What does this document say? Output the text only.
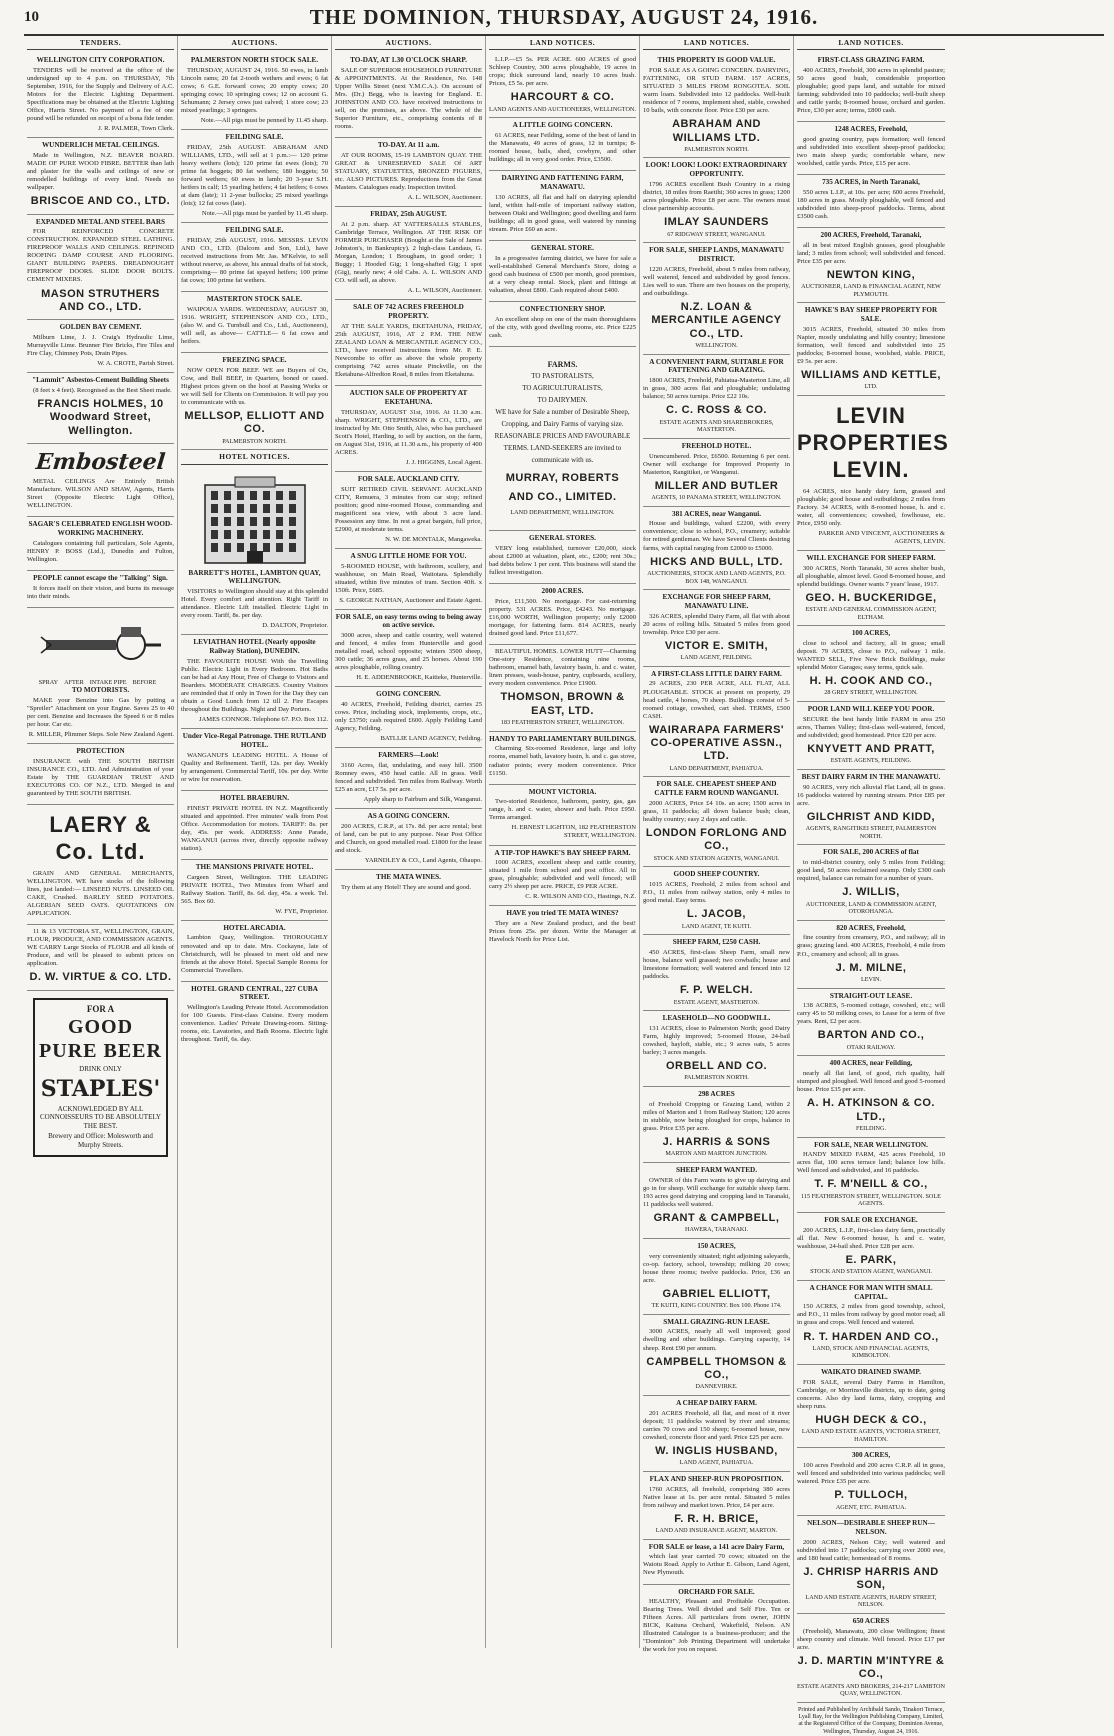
10	THE DOMINION, THURSDAY, AUGUST 24, 1916.
TENDERS.
WELLINGTON CITY CORPORATION.

TENDERS will be received at the office of the undersigned up to 4 p.m. on THURSDAY, 7th September, 1916, for the Supply and Delivery of A.C. Motors for the Electric Lighting Department. Specifications may be obtained at the Electric Lighting Office, Harris Street. No payment of a fee of one pound will be refunded on receipt of a bona fide tender.

J. R. PALMER, Town Clerk.
WUNDERLICH METAL CEILINGS.

Made in Wellington, N.Z. BEAVER BOARD. MADE OF PURE WOOD FIBRE. BETTER than lath and plaster for the walls and ceilings of new or remodelled buildings of every kind. Needs no wallpaper.

BRISCOE AND CO., LTD.
EXPANDED METAL AND STEEL BARS

FOR REINFORCED CONCRETE CONSTRUCTION. EXPANDED STEEL LATHING. FIREPROOF WALLS AND CEILINGS. REFINOID ROOFING DAMP COURSE AND FLOORING. GIANT BUILDING PAPERS. DREADNOUGHT FIREPROOF DOORS. SLIDE DOOR BOLTS. CEMENT MIXERS.

MASON STRUTHERS AND CO., LTD.
GOLDEN BAY CEMENT.

Milburn Lime, J. J. Craig's Hydraulic Lime, Murrayville Lime. Brunner Fire Bricks, Fire Tiles and Fire Clay, Chimney Pots, Drain Pipes.

W. A. CROTE, Parish Street.
"Lammit" Asbestos-Cement Building Sheets

(8 feet x 4 feet). Recognised as the Best Sheet made.

FRANCIS HOLMES, 10 Woodward Street, Wellington.
Embosteel

METAL CEILINGS Are Entirely British Manufacture. WILSON AND SHAW, Agents, Harris Street (Opposite Electric Light Office), WELLINGTON.

SAGAR'S CELEBRATED ENGLISH WOOD-WORKING MACHINERY.

Catalogues containing full particulars, Sole Agents, HENRY P. BOSS (Ltd.), Dunedin and Fulton, Wellington.

PEOPLE cannot escape the "Talking" Sign.

It forces itself on their vision, and burns its message into their minds.

SPRAY AFTER INTAKE PIPE BEFORE
TO MOTORISTS.

MAKE your Benzine into Gas by putting a "Spreiler" Attachment on your Engine. Saves 25 to 40 per cent. Benzine and Increases the Speed 6 or 8 miles per hour. Car etc.

R. MILLER, Plimmer Steps. Sole New Zealand Agent.
PROTECTION

INSURANCE with THE SOUTH BRITISH INSURANCE CO., LTD. And Administration of your Estate by THE GUARDIAN TRUST AND EXECUTORS CO. OF N.Z., LTD. Merged in and guaranteed by THE SOUTH BRITISH.

LAERY & Co. Ltd.

GRAIN AND GENERAL MERCHANTS, WELLINGTON. WE have stocks of the following lines, just landed:— LINSEED NUTS. LINSEED OIL CAKE, Crushed. BARLEY SEED POTATOES. ALGERIAN SEED OATS. QUOTATIONS ON APPLICATION.

11 & 13 VICTORIA ST., WELLINGTON, GRAIN, FLOUR, PRODUCE, AND COMMISSION AGENTS. WE CARRY Large Stocks of FLOUR and all kinds of Produce, and will be pleased to submit prices on application.

D. W. VIRTUE & CO. LTD.
FOR A
GOOD PURE BEER
DRINK ONLY
STAPLES'
ACKNOWLEDGED BY ALL CONNOISSEURS TO BE ABSOLUTELY THE BEST.
Brewery and Office: Molesworth and Murphy Streets.
AUCTIONS.
PALMERSTON NORTH STOCK SALE.

THURSDAY, AUGUST 24, 1916. 50 ewes, in lamb Lincoln rams; 20 fat 2-tooth wethers and ewes; 6 fat cows; 6 G.E. forward cows; 20 empty cows; 20 springing cows; 10 springing cows; 12 on account G. Schumann; 2 Jersey cows just calved; 1 store cow; 23 mixed yearlings; 3 springers.

Note.—All pigs must be penned by 11.45 sharp.
FEILDING SALE.

FRIDAY, 25th AUGUST. ABRAHAM AND WILLIAMS, LTD., will sell at 1 p.m.:— 120 prime heavy wethers (lots); 120 prime fat ewes (lots); 70 prime fat hoggets; 80 fat wethers; 180 hoggets; 50 forward wethers; 60 ewes in lamb; 20 3-year S.H. heifers in calf; 15 yearling heifers; 4 fat heifers; 6 cows at dam (late); 11 2-year bullocks; 25 mixed yearlings (lots); 12 fat cows (late).

Note.—All pigs must be yarded by 11.45 sharp.
FEILDING SALE.

FRIDAY, 25th AUGUST, 1916. MESSRS. LEVIN AND CO., LTD. (Dalcom and Son, Ltd.), have received instructions from Mr. Jas. M'Kelvie, to sell without reserve, as above, his annual drafts of fat stock, comprising— 80 prime fat spayed heifers; 100 prime fat cows; 100 prime fat wethers.

MASTERTON STOCK SALE.

WAIPOUA YARDS. WEDNESDAY, AUGUST 30, 1916. WRIGHT, STEPHENSON AND CO., LTD., (also W. and G. Turnbull and Co., Ltd., Auctioneers), will sell, as above— CATTLE— 6 fat cows and heifers.

FREEZING SPACE.

NOW OPEN FOR BEEF. WE are Buyers of Ox, Cow, and Bull BEEF, in Quarters, boned or cased. Highest prices given on the hoof at Passing Works or we will Sell for Clients on Commission. It will pay you to communicate with us.

MELLSOP, ELLIOTT AND CO.
PALMERSTON NORTH.
HOTEL NOTICES.
BARRETT'S HOTEL, LAMBTON QUAY, WELLINGTON.

VISITORS to Wellington should stay at this splendid Hotel. Every comfort and attention. Right Tariff in attendance. Electric Lift installed. Electric Light in every room. Tariff, 8s. per day.

D. DALTON, Proprietor.
LEVIATHAN HOTEL (Nearly opposite Railway Station), DUNEDIN.

THE FAVOURITE HOUSE With the Travelling Public. Electric Light in Every Bedroom. Hot Baths can be had at Any Hour, Free of Charge to Visitors and Boarders. MODERATE CHARGES. Country Visitors are reminded that if only in Town for the Day they can obtain a Good Lunch from 12 till 2. Fire Escapes throughout the Buildings. Night and Day Porters.

JAMES CONNOR. Telephone 67. P.O. Box 112.
Under Vice-Regal Patronage. THE RUTLAND HOTEL.

WANGANUI'S LEADING HOTEL. A House of Quality and Refinement. Tariff, 12s. per day. Weekly by arrangement. Commercial Tariff, 10s. per day. Write or wire for reservation.

HOTEL BRAEBURN.

FINEST PRIVATE HOTEL IN N.Z. Magnificently situated and appointed. Five minutes' walk from Post Office. Accommodation for motors. TARIFF: 8s. per day, 45s. per week. ADDRESS: Anne Parade, WANGANUI (across river, directly opposite railway station).

THE MANSIONS PRIVATE HOTEL.

Cargeen Street, Wellington. THE LEADING PRIVATE HOTEL, Two Minutes from Wharf and Railway Station. Tariff, 8s. 6d. day, 45s. a week. Tel. 565. Box 60.

W. FYE, Proprietor.
HOTEL ARCADIA.

Lambton Quay, Wellington. THOROUGHLY renovated and up to date. Mrs. Cockayne, late of Christchurch, will be pleased to meet old and new friends at the above Hotel. Special Sample Rooms for Commercial Travellers.

HOTEL GRAND CENTRAL, 227 CUBA STREET.

Wellington's Leading Private Hotel. Accommodation for 100 Guests. First-class Cuisine. Every modern convenience. Ladies' Private Drawing-room. Sitting-rooms, etc. Lavatories, and Bath Rooms. Electric light throughout. Tariff, 6s. day.

AUCTIONS.
TO-DAY, AT 1.30 O'CLOCK SHARP.

SALE OF SUPERIOR HOUSEHOLD FURNITURE & APPOINTMENTS. At the Residence, No. 148 Upper Willis Street (next Y.M.C.A.). On account of Mrs. (Dr.) Begg, who is leaving for England. E. JOHNSTON AND CO. have received instructions to sell, on the premises, as above. The whole of the Superior Furniture, etc., comprising contents of 8 rooms.

TO-DAY. At 11 a.m.

AT OUR ROOMS, 15-19 LAMBTON QUAY. THE GREAT & UNRESERVED SALE Of ART STATUARY, STATUETTES, BRONZED FIGURES, etc. ALSO PICTURES. Reproductions from the Great Masters. Catalogues ready. Inspection invited.

A. L. WILSON, Auctioneer.
FRIDAY, 25th AUGUST.

At 2 p.m. sharp. AT YATTERSALLS STABLES, Cambridge Terrace, Wellington. AT THE RISK OF FORMER PURCHASER (Bought at the Sale of James Johnston's, in Bankruptcy). 2 high-class Landaus, G. Morgan, London; 1 Brougham, in good order; 1 Buggy; 1 Hooded Gig; 1 long-shafted Gig; 1 spot (Gig), nearly new; 4 old Cabs. A. L. WILSON AND CO. will sell, as above.

A. L. WILSON, Auctioneer.
SALE OF 742 ACRES FREEHOLD PROPERTY.

AT THE SALE YARDS, EKETAHUNA, FRIDAY, 25th AUGUST, 1916, AT 2 P.M. THE NEW ZEALAND LOAN & MERCANTILE AGENCY CO., LTD., have received instructions from Mr. P. E. Newcombe to offer as above the whole property comprising 742 acres situate Pinckville, on the Eketahuna-Alfredton Road, 8 miles from Eketahuna.

AUCTION SALE OF PROPERTY AT EKETAHUNA.

THURSDAY, AUGUST 31st, 1916. At 11.30 a.m. sharp. WRIGHT, STEPHENSON & CO., LTD., are instructed by Mr. Otto Smith, Also, who has purchased Scott's Hotel, Harding, to sell by auction, on the farm, on August 31st, 1916, at 11.30 a.m., his property of 400 ACRES.

J. J. HIGGINS, Local Agent.
FOR SALE. AUCKLAND CITY.

SUIT RETIRED CIVIL SERVANT. AUCKLAND CITY, Remuera, 3 minutes from car stop; refined position; good nine-roomed House, commanding and magnificent sea view, with about 3 acre land. Possession any time. In rest a great bargain, full price, £2900, at moderate terms.

N. W. DE MONTALK, Mangaweka.
A SNUG LITTLE HOME FOR YOU.

5-ROOMED HOUSE, with bathroom, scullery, and washhouse, on Main Road, Waitotara. Splendidly situated, within five minutes of tram. Section 40ft. x 150ft. Price, £685.

S. GEORGE NATHAN, Auctioneer and Estate Agent.
FOR SALE, on easy terms owing to being away on active service.

3000 acres, sheep and cattle country, well watered and fenced, 4 miles from Hunterville and good metalled road, school opposite; winters 3500 sheep, 300 cattle; 36 acres grass, and 25 horses. About 190 acres ploughable, rolling country.

H. E. ADDENBROOKE, Kaitieke, Hunterville.
GOING CONCERN.

40 ACRES, Freehold, Feilding district, carries 25 cows. Price, including stock, implements, crops, etc., only £3750; cash required £600. Apply Feilding Land Agency, Feilding.

BATLLIE LAND AGENCY, Feilding.
FARMERS—Look!

3160 Acres, flat, undulating, and easy hill. 3500 Romney ewes, 450 head cattle. All in grass. Well fenced and subdivided. Ten miles from Railway. Worth £25 an acre, £17 5s. per acre.

Apply sharp to Fairburn and Silk, Wanganui.
AS A GOING CONCERN.

200 ACRES, C.R.P., at 17s. 8d. per acre rental; best of land, can be put to any purpose. Near Post Office and Church, on good metalled road. £1800 for the lease and stock.

YARNDLEY & CO., Land Agents, Ohaupo.
THE MATA WINES.

Try them at any Hotel! They are sound and good.

LAND NOTICES.

L.I.P.—£5 5s. PER ACRE. 600 ACRES of good Schleep Country, 300 acres ploughable, 19 acres in crops; thick surround land, nearly 10 acres bush. Prices, £5 5s. per acre.

HARCOURT & CO.
LAND AGENTS AND AUCTIONEERS, WELLINGTON.
A LITTLE GOING CONCERN.

61 ACRES, near Feilding, some of the best of land in the Manawatu, 49 acres of grass, 12 in turnips; 8-roomed house, bails, shed, cowbyre, and other buildings; all in very good order. Price, £3500.

DAIRYING AND FATTENING FARM, MANAWATU.

130 ACRES, all flat and half on dairying splendid land, within half-mile of important railway station, between Otaki and Wellington; good dwelling and farm buildings; all in good grass, well watered by running stream. Price £60 an acre.

GENERAL STORE.

In a progressive farming district, we have for sale a well-established General Merchant's Store, doing a good cash business of £500 per month, good premises, at a very cheap rental. Stock, plant and fittings at valuation, about £800. Cash required about £400.

CONFECTIONERY SHOP.

An excellent shop on one of the main thoroughfares of the city, with good dwelling rooms, etc. Price £225 cash.

FARMS.
TO PASTORALISTS,
TO AGRICULTURALISTS,
TO DAIRYMEN.
WE have for Sale a number of Desirable Sheep, Cropping, and Dairy Farms of varying size. REASONABLE PRICES AND FAVOURABLE TERMS. LAND-SEEKERS are invited to communicate with us.
MURRAY, ROBERTS AND CO., LIMITED.
LAND DEPARTMENT, WELLINGTON.
GENERAL STORES.

VERY long established, turnover £20,000, stock about £2000 at valuation, plant, etc., £200; rent 30s.; bad debts below 1 per cent. This business will stand the fullest investigation.

2000 ACRES.

Price, £11,500. No mortgage. For cast-returning property. 531 ACRES. Price, £4243. No mortgage. £16,000 WORTH, Wellington property; only £2000 mortgage, for fattening farm. 814 ACRES, nearly drained good land. Price £11,677.

BEAUTIFUL HOMES. LOWER HUTT—Charming One-story Residence, containing nine rooms, bathroom, enamel bath, lavatory basin, h. and c. water, linen presses, wash-house, pantry, cupboards, scullery, every modern convenience. Price £1900.

THOMSON, BROWN & EAST, LTD.
183 FEATHERSTON STREET, WELLINGTON.
HANDY TO PARLIAMENTARY BUILDINGS.

Charming Six-roomed Residence, large and lofty rooms, enamel bath, lavatory basin, h. and c. gas stove, radiator points; every modern convenience. Price £1150.

MOUNT VICTORIA.

Two-storied Residence, bathroom, pantry, gas, gas range, h. and c. water, shower and bath. Price £950. Terms arranged.

H. ERNEST LIGHTON, 182 FEATHERSTON STREET, WELLINGTON.
A TIP-TOP HAWKE'S BAY SHEEP FARM.

1000 ACRES, excellent sheep and cattle country, situated 1 mile from school and post office. All in grass, ploughable; subdivided and well fenced; will carry 2½ sheep per acre. PRICE, £9 PER ACRE.

C. R. WILSON AND CO., Hastings, N.Z.
HAVE you tried TE MATA WINES?

They are a New Zealand product, and the best! Prices from 25s. per dozen. Write the Manager at Havelock North for Price List.

LAND NOTICES.
THIS PROPERTY IS GOOD VALUE.

FOR SALE AS A GOING CONCERN. DAIRYING, FATTENING, OR STUD FARM. 157 ACRES, SITUATED 3 MILES FROM RONGOTEA. SOIL warm loam. Subdivided into 12 paddocks. Well-built residence of 7 rooms, implement shed, stable, cowshed 10 bails, with concrete floor. Price £30 per acre.

ABRAHAM AND WILLIAMS LTD.
PALMERSTON NORTH.
LOOK! LOOK! LOOK! EXTRAORDINARY OPPORTUNITY.

1796 ACRES excellent Bush Country in a rising district, 18 miles from Raetihi; 360 acres in grass; 1200 acres ploughable. Price £8 per acre. The owners must close partnership accounts.

IMLAY SAUNDERS
67 RIDGWAY STREET, WANGANUI.
FOR SALE, SHEEP LANDS, MANAWATU DISTRICT.

1220 ACRES, Freehold, about 5 miles from railway, well watered, fenced and subdivided by good fences. Lies well to sun. There are two houses on the property, and outbuildings.

N.Z. LOAN & MERCANTILE AGENCY CO., LTD.
WELLINGTON.
A CONVENIENT FARM, SUITABLE FOR FATTENING AND GRAZING.

1800 ACRES, Freehold, Pahiatua-Masterton Line, all in grass, 300 acres flat and ploughable; undulating balance; 50 acres turnips. Price £22 10s.

C. C. ROSS & CO.
ESTATE AGENTS AND SHAREBROKERS, MASTERTON.
FREEHOLD HOTEL.

Unencumbered. Price, £6500. Returning 6 per cent. Owner will exchange for Improved Property in Masterton, Rangitikei, or Wanganui.

MILLER AND BUTLER
AGENTS, 10 PANAMA STREET, WELLINGTON.
381 ACRES, near Wanganui.

House and buildings, valued £2200, with every convenience; close to school, P.O., creamery; suitable for retired gentleman. We have Several Clients desiring farms, with capital ranging from £2000 to £5000.

HICKS AND BULL, LTD.
AUCTIONEERS, STOCK AND LAND AGENTS, P.O. BOX 148, WANGANUI.
EXCHANGE FOR SHEEP FARM, MANAWATU LINE.

326 ACRES, splendid Dairy Farm, all flat with about 20 acres of rolling hills. Situated 5 miles from good township. Price £30 per acre.

VICTOR E. SMITH,
LAND AGENT, FEILDING.
A FIRST-CLASS LITTLE DAIRY FARM.

29 ACRES, 230 PER ACRE, ALL FLAT, ALL PLOUGHABLE. STOCK at present on property, 29 head cattle, 4 horses, 70 sheep. Buildings consist of 5-roomed cottage, cowshed, cart shed. TERMS, £500 CASH.

WAIRARAPA FARMERS' CO-OPERATIVE ASSN., LTD.
LAND DEPARTMENT, PAHIATUA.
FOR SALE. CHEAPEST SHEEP AND CATTLE FARM ROUND WANGANUI.

2000 ACRES, Price £4 10s. an acre; 1500 acres in grass, 11 paddocks; all down balance bush; clean, healthy country; easy 2 days and cattle.

LONDON FORLONG AND CO.,
STOCK AND STATION AGENTS, WANGANUI.
GOOD SHEEP COUNTRY.

1015 ACRES, Freehold, 2 miles from school and P.O., 11 miles from railway station, only 4 miles to good metal. Easy terms.

L. JACOB,
LAND AGENT, TE KUITI.
SHEEP FARM, £250 CASH.

450 ACRES, first-class Sheep Farm, small new house, balance well grassed; two cowbails; house and limestone formation; well watered and fenced into 12 paddocks.

F. P. WELCH.
ESTATE AGENT, MASTERTON.
LEASEHOLD—NO GOODWILL.

131 ACRES, close to Palmerston North; good Dairy Farm, highly improved; 5-roomed House, 24-bail cowshed, hayloft, stable, etc.; 9 acres oats, 5 acres barley; 3 acres mangels.

ORBELL AND CO.
PALMERSTON NORTH.
298 ACRES

of Freehold Cropping or Grazing Land, within 2 miles of Marton and 1 from Railway Station; 120 acres in stubble, now being ploughed for crops, balance in grass. Price £35 per acre.

J. HARRIS & SONS
MARTON AND MARTON JUNCTION.
SHEEP FARM WANTED.

OWNER of this Farm wants to give up dairying and go in for sheep. Will exchange for suitable sheep farm. 193 acres good dairying and cropping land in Taranaki, 11 paddocks well watered.

GRANT & CAMPBELL,
HAWERA, TARANAKI.
150 ACRES,

very conveniently situated; right adjoining saleyards, co-op. factory, school, township; milking 20 cows; house three rooms; twelve paddocks. Price, £36 an acre.

GABRIEL ELLIOTT,
TE KUITI, KING COUNTRY. Box 100. Phone 174.
SMALL GRAZING-RUN LEASE.

3000 ACRES, nearly all well improved; good dwelling and other buildings. Carrying capacity, 14 sheep. Rent £90 per annum.

CAMPBELL THOMSON & CO.,
DANNEVIRKE.
A CHEAP DAIRY FARM.

201 ACRES Freehold, all flat, and most of it river deposit; 11 paddocks watered by river and streams; carries 70 cows and 150 sheep; 6-roomed house, new cowshed, concrete floor and yard. Price £25 per acre.

W. INGLIS HUSBAND,
LAND AGENT, PAHIATUA.
FLAX AND SHEEP-RUN PROPOSITION.

1760 ACRES, all freehold, comprising 380 acres Native lease at 1s. per acre rental. Situated 5 miles from railway and market town. Price, £4 per acre.

F. R. H. BRICE,
LAND AND INSURANCE AGENT, MARTON.
FOR SALE or lease, a 141 acre Dairy Farm,

which last year carried 70 cows; situated on the Waiotu Road. Apply to Arthur E. Gibson, Land Agent, New Plymouth.

ORCHARD FOR SALE.

HEALTHY, Pleasant and Profitable Occupation. Bearing Trees. Well divided and Self Fire. Ten or Fifteen Acres. All particulars from owner, JOHN BICK, Kaituna Orchard, Wakefield, Nelson. AN Illustrated Catalogue is a business-producer; and the "Dominion" Job Printing Department will undertake the work for you on request.

LAND NOTICES.
FIRST-CLASS GRAZING FARM.

400 ACRES, Freehold, 300 acres in splendid pasture; 50 acres good bush, considerable proportion ploughable; good paps land, and suitable for mixed farming; subdivided into 10 paddocks; well-built sheep and cattle yards; 8-roomed house, orchard and garden. Price, £30 per acre; terms, £800 cash.

1248 ACRES, Freehold,

good grazing country, paps formation; well fenced and subdivided into excellent sheep-proof paddocks; two main sheep yards; comfortable whare, new woolshed, cattle yards. Price, £15 per acre.

735 ACRES, in North Taranaki,

550 acres L.I.P., at 10s. per acre; 600 acres Freehold, 180 acres in grass. Mostly ploughable, well fenced and subdivided into sheep-proof paddocks. Terms, about £3500 cash.

200 ACRES, Freehold, Taranaki,

all in best mixed English grasses, good ploughable land; 3 miles from school; well subdivided and fenced. Price £35 per acre.

NEWTON KING,
AUCTIONEER, LAND & FINANCIAL AGENT, NEW PLYMOUTH.
HAWKE'S BAY SHEEP PROPERTY FOR SALE.

3015 ACRES, Freehold, situated 30 miles from Napier, mostly undulating and hilly country; limestone formation, well fenced and subdivided into 25 paddocks; 8-roomed house, woolshed, stable. PRICE, £9 5s. per acre.

WILLIAMS AND KETTLE,
LTD.
LEVIN PROPERTIES LEVIN.

64 ACRES, nice handy dairy farm, grassed and ploughable; good house and outbuildings; 2 miles from Factory. 34 ACRES, with 8-roomed house, h. and c. water, all conveniences; cowshed, fowlhouse, etc. Price, £950 only.

PARKER AND VINCENT, AUCTIONEERS & AGENTS, LEVIN.
WILL EXCHANGE FOR SHEEP FARM.

300 ACRES, North Taranaki, 30 acres shelter bush, all ploughable, almost level. Good 8-roomed house, and splendid buildings. Owner wants 7 years' lease, 1917.

GEO. H. BUCKERIDGE,
ESTATE AND GENERAL COMMISSION AGENT, ELTHAM.
100 ACRES,

close to school and factory, all in grass; small deposit. 79 ACRES, close to P.O., railway 1 mile. WANTED SELL, Five New Brick Buildings, make splendid Motor Garages; easy terms, quick sale.

H. H. COOK AND CO.,
28 GREY STREET, WELLINGTON.
POOR LAND WILL KEEP YOU POOR.

SECURE the best handy little FARM in area 250 acres, Thames Valley; first-class well-watered, fenced, and subdivided; good homestead. Price £20 per acre.

KNYVETT AND PRATT,
ESTATE AGENTS, FEILDING.
BEST DAIRY FARM IN THE MANAWATU.

90 ACRES, very rich alluvial Flat Land, all in grass. 16 paddocks watered by running stream. Price £85 per acre.

GILCHRIST AND KIDD,
AGENTS, RANGITIKEI STREET, PALMERSTON NORTH.
FOR SALE, 200 ACRES of flat

to mid-district country, only 5 miles from Feilding; good land, 50 acres reclaimed swamp. Only £300 cash required, balance can remain for a number of years.

J. WILLIS,
AUCTIONEER, LAND & COMMISSION AGENT, OTOROHANGA.
820 ACRES, Freehold,

fine country from creamery, P.O., and railway; all in grass; grazing land. 400 ACRES, Freehold, 4 mile from P.O., creamery and school; all in grass.

J. M. MILNE,
LEVIN.
STRAIGHT-OUT LEASE.

138 ACRES, 5-roomed cottage, cowshed, etc.; will carry 45 to 50 milking cows, to Lease for a term of five years. Rent, £2 per acre.

BARTON AND CO.,
OTAKI RAILWAY.
400 ACRES, near Feilding,

nearly all flat land, of good, rich quality, half stumped and ploughed. Well fenced and good 5-roomed house. Price £35 per acre.

A. H. ATKINSON & CO. LTD.,
FEILDING.
FOR SALE, NEAR WELLINGTON.

HANDY MIXED FARM, 425 acres Freehold, 10 acres flat, 100 acres terrace land; balance low hills. Well fenced and subdivided, and 16 paddocks.

T. F. M'NEILL & CO.,
115 FEATHERSTON STREET, WELLINGTON. SOLE AGENTS.
FOR SALE OR EXCHANGE.

200 ACRES, L.I.P., first-class dairy farm, practically all flat. New 6-roomed house, h. and c. water, washhouse, 24-bail shed. Price £28 per acre.

E. PARK,
STOCK AND STATION AGENT, WANGANUI.
A CHANCE FOR MAN WITH SMALL CAPITAL.

150 ACRES, 2 miles from good township, school, and P.O., 11 miles from railway by good motor road; all in grass and crops. Well fenced and watered.

R. T. HARDEN AND CO.,
LAND, STOCK AND FINANCIAL AGENTS, KIMBOLTON.
WAIKATO DRAINED SWAMP.

FOR SALE, several Dairy Farms in Hamilton, Cambridge, or Morrinsville districts, up to date, going concerns. Also dry land farms, dairy, cropping and sheep runs.

HUGH DECK & CO.,
LAND AND ESTATE AGENTS, VICTORIA STREET, HAMILTON.
300 ACRES,

100 acres Freehold and 200 acres C.R.P. all in grass, well fenced and subdivided into various paddocks; well watered. Price £35 per acre.

P. TULLOCH,
AGENT, ETC. PAHIATUA.
NELSON—DESIRABLE SHEEP RUN—NELSON.

2000 ACRES, Nelson City; well watered and subdivided into 17 paddocks; carrying over 2000 ewe, and 180 head cattle; homestead of 8 rooms.

J. CHRISP HARRIS AND SON,
LAND AND ESTATE AGENTS, HARDY STREET, NELSON.
650 ACRES

(Freehold), Manawatu, 200 close Wellington; finest sheep country and climate. Well fenced. Price £17 per acre.

J. D. MARTIN M'INTYRE & CO.,
ESTATE AGENTS AND BROKERS, 214-217 LAMBTON QUAY, WELLINGTON.
Printed and Published by Archibald Sando, Tinakori Terrace, Lyall Bay, for the Wellington Publishing Company, Limited, at the Registered Office of the Company, Dominion Avenue, Wellington, Thursday, August 24, 1916.
